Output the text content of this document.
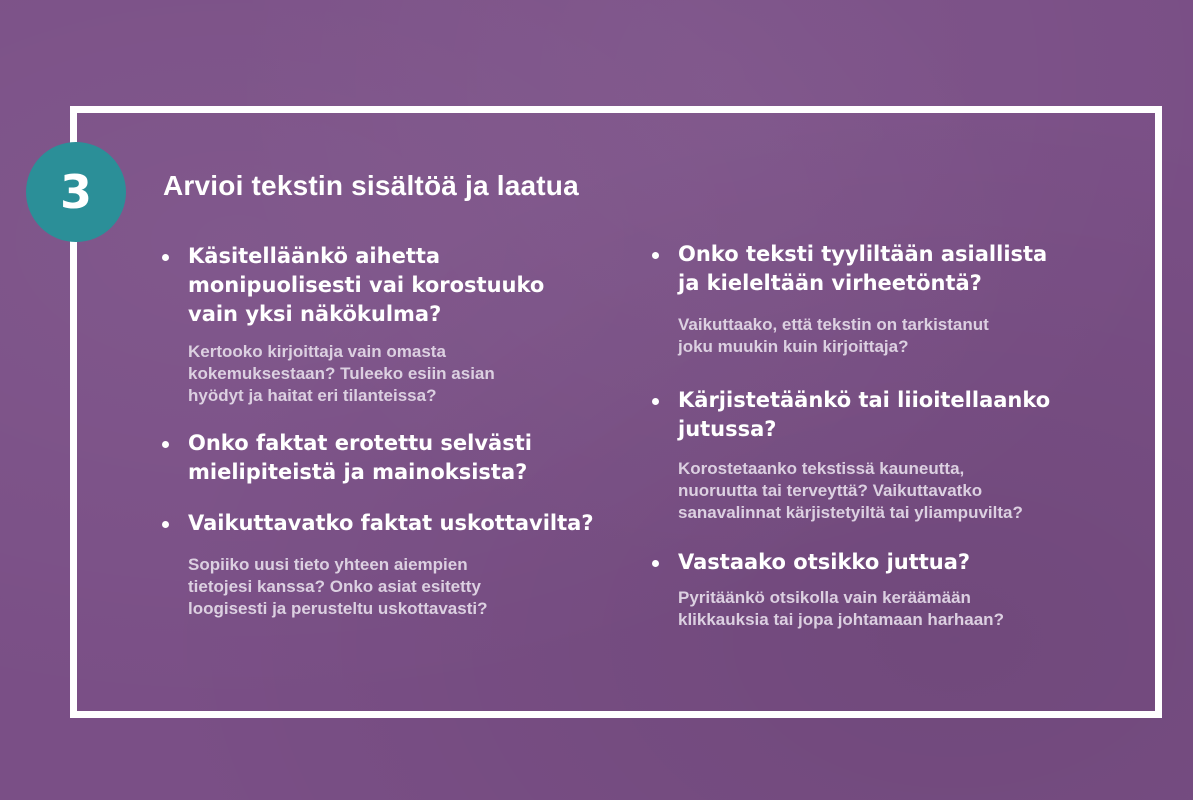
3	Arvioi tekstin sisältöä ja laatua
Käsitelläänkö aihetta
monipuolisesti vai korostuuko
vain yksi näkökulma?
Kertooko kirjoittaja vain omasta
kokemuksestaan? Tuleeko esiin asian
hyödyt ja haitat eri tilanteissa?
Onko faktat erotettu selvästi
mielipiteistä ja mainoksista?
Vaikuttavatko faktat uskottavilta?
Sopiiko uusi tieto yhteen aiempien
tietojesi kanssa? Onko asiat esitetty
loogisesti ja perusteltu uskottavasti?
Onko teksti tyyliltään asiallista
ja kieleltään virheetöntä?
Vaikuttaako, että tekstin on tarkistanut
joku muukin kuin kirjoittaja?
Kärjistetäänkö tai liioitellaanko
jutussa?
Korostetaanko tekstissä kauneutta,
nuoruutta tai terveyttä? Vaikuttavatko
sanavalinnat kärjistetyiltä tai yliampuvilta?
Vastaako otsikko juttua?
Pyritäänkö otsikolla vain keräämään
klikkauksia tai jopa johtamaan harhaan?
